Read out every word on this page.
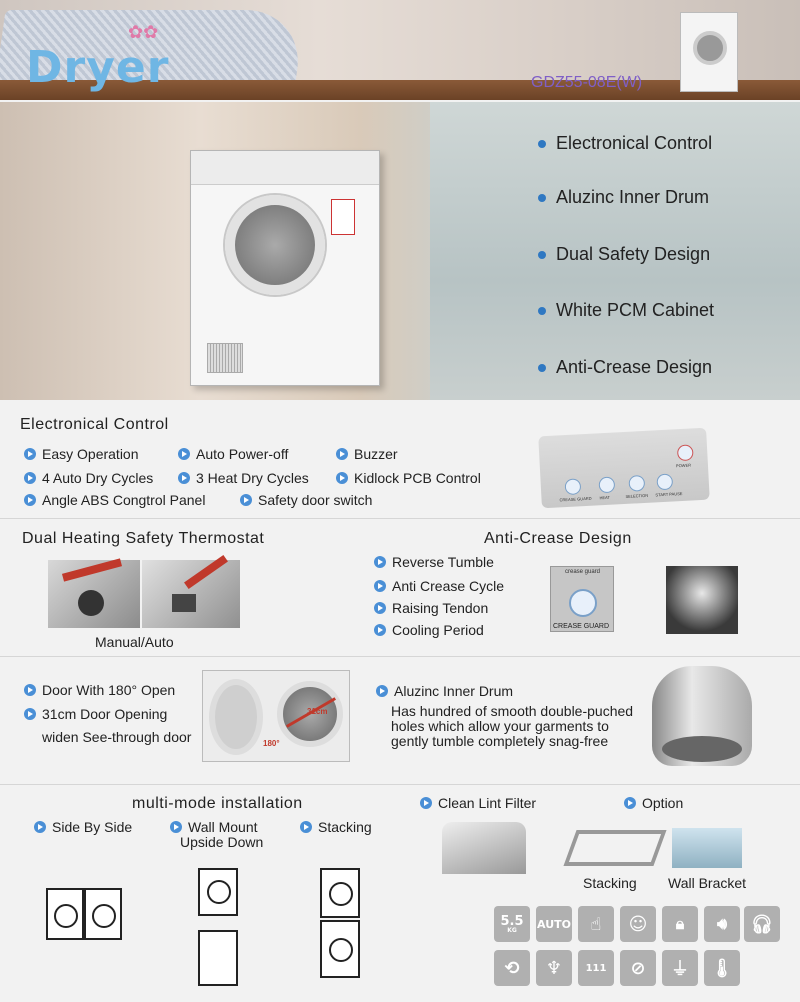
✿✿
Dryer	GDZ55-08E(W)
Electronical Control
Aluzinc Inner Drum
Dual Safety Design
White PCM Cabinet
Anti-Crease Design
Electronical Control
Easy Operation	Auto Power-off	Buzzer
4 Auto Dry Cycles	3 Heat Dry Cycles	Kidlock PCB Control
Angle ABS Congtrol Panel	Safety door switch	CREASE GUARD HEAT	SELECTION START PAUSE
POWER
Dual Heating Safety Thermostat
Manual/Auto
Anti-Crease Design
Reverse Tumble
Anti Crease Cycle
Raising Tendon
Cooling Period
crease guard
CREASE GUARD
Door With 180° Open
31cm Door Opening
widen See-through door	180°
31cm
Aluzinc Inner Drum
Has hundred of smooth double-puched
holes which allow your garments to
gently tumble completely snag-free
multi-mode installation
Side By Side	Wall Mount
Upside Down
Stacking
Clean Lint Filter	Option
Stacking Wall Bracket
5.5
KG AUTO	☝	☺	🔒︎	🔊︎	🎧︎
⟲	♆	111	⊘	⏚	🌡︎
